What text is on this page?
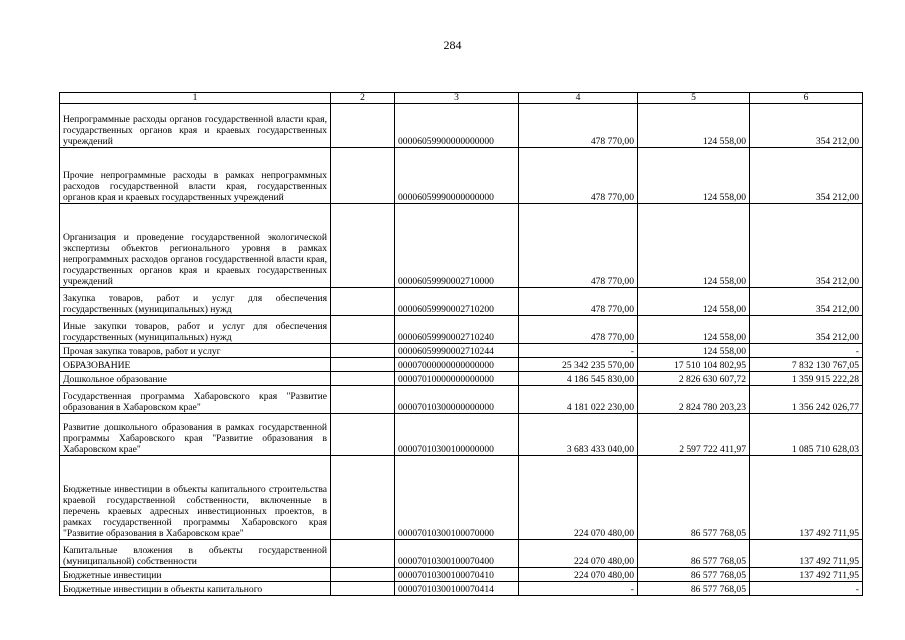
284
1	2	3	4	5	6
Непрограммные расходы органов государственной власти края, государственных органов края и краевых государственных учреждений		00006059900000000000	478 770,00	124 558,00	354 212,00
Прочие непрограммные расходы в рамках непрограммных расходов государственной власти края, государственных органов края и краевых государственных учреждений		00006059990000000000	478 770,00	124 558,00	354 212,00
Организация и проведение государственной экологической экспертизы объектов регионального уровня в рамках непрограммных расходов органов государственной власти края, государственных органов края и краевых государственных учреждений		00006059990002710000	478 770,00	124 558,00	354 212,00
Закупка товаров, работ и услуг для обеспечения государственных (муниципальных) нужд		00006059990002710200	478 770,00	124 558,00	354 212,00
Иные закупки товаров, работ и услуг для обеспечения государственных (муниципальных) нужд		00006059990002710240	478 770,00	124 558,00	354 212,00
Прочая закупка товаров, работ и услуг		00006059990002710244	-	124 558,00	-
ОБРАЗОВАНИЕ		00007000000000000000	25 342 235 570,00	17 510 104 802,95	7 832 130 767,05
Дошкольное образование		00007010000000000000	4 186 545 830,00	2 826 630 607,72	1 359 915 222,28
Государственная программа Хабаровского края "Развитие образования в Хабаровском крае"		00007010300000000000	4 181 022 230,00	2 824 780 203,23	1 356 242 026,77
Развитие дошкольного образования в рамках государственной программы Хабаровского края "Развитие образования в Хабаровском крае"		00007010300100000000	3 683 433 040,00	2 597 722 411,97	1 085 710 628,03
Бюджетные инвестиции в объекты капитального строительства краевой государственной собственности, включенные в перечень краевых адресных инвестиционных проектов, в рамках государственной программы Хабаровского края "Развитие образования в Хабаровском крае"		00007010300100070000	224 070 480,00	86 577 768,05	137 492 711,95
Капитальные вложения в объекты государственной (муниципальной) собственности		00007010300100070400	224 070 480,00	86 577 768,05	137 492 711,95
Бюджетные инвестиции		00007010300100070410	224 070 480,00	86 577 768,05	137 492 711,95
Бюджетные инвестиции в объекты капитального		00007010300100070414	-	86 577 768,05	-
